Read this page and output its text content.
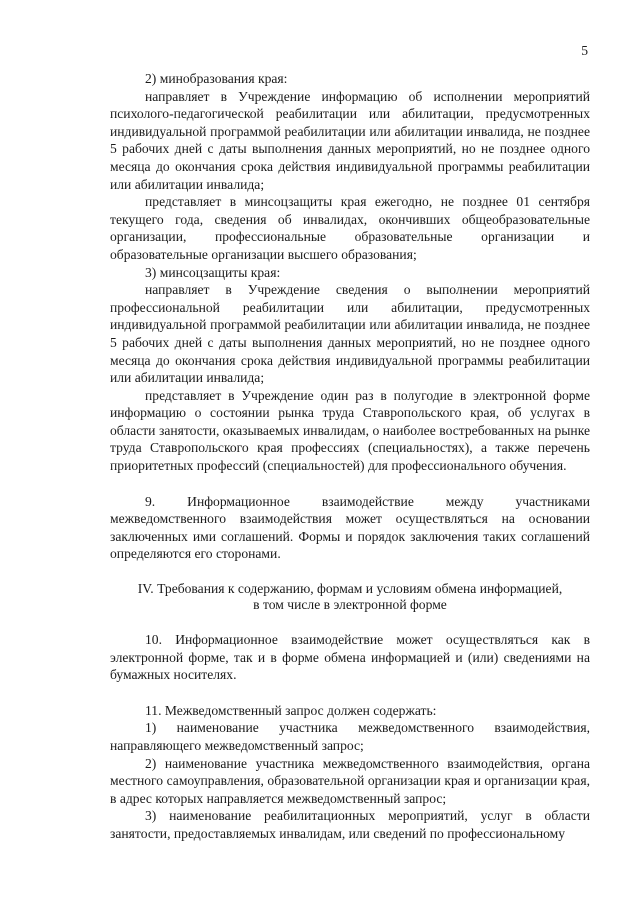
5

2) минобразования края:

направляет в Учреждение информацию об исполнении мероприятий психолого-педагогической реабилитации или абилитации, предусмотренных индивидуальной программой реабилитации или абилитации инвалида, не позднее 5 рабочих дней с даты выполнения данных мероприятий, но не позднее одного месяца до окончания срока действия индивидуальной программы реабилитации или абилитации инвалида;

представляет в минсоцзащиты края ежегодно, не позднее 01 сентября текущего года, сведения об инвалидах, окончивших общеобразовательные организации, профессиональные образовательные организации и образовательные организации высшего образования;

3) минсоцзащиты края:

направляет в Учреждение сведения о выполнении мероприятий профессиональной реабилитации или абилитации, предусмотренных индивидуальной программой реабилитации или абилитации инвалида, не позднее 5 рабочих дней с даты выполнения данных мероприятий, но не позднее одного месяца до окончания срока действия индивидуальной программы реабилитации или абилитации инвалида;

представляет в Учреждение один раз в полугодие в электронной форме информацию о состоянии рынка труда Ставропольского края, об услугах в области занятости, оказываемых инвалидам, о наиболее востребованных на рынке труда Ставропольского края профессиях (специальностях), а также перечень приоритетных профессий (специальностей) для профессионального обучения.

9. Информационное взаимодействие между участниками межведомственного взаимодействия может осуществляться на основании заключенных ими соглашений. Формы и порядок заключения таких соглашений определяются его сторонами.

IV. Требования к содержанию, формам и условиям обмена информацией,
в том числе в электронной форме

10. Информационное взаимодействие может осуществляться как в электронной форме, так и в форме обмена информацией и (или) сведениями на бумажных носителях.

11. Межведомственный запрос должен содержать:

1) наименование участника межведомственного взаимодействия, направляющего межведомственный запрос;

2) наименование участника межведомственного взаимодействия, органа местного самоуправления, образовательной организации края и организации края, в адрес которых направляется межведомственный запрос;

3) наименование реабилитационных мероприятий, услуг в области занятости, предоставляемых инвалидам, или сведений по профессиональному
